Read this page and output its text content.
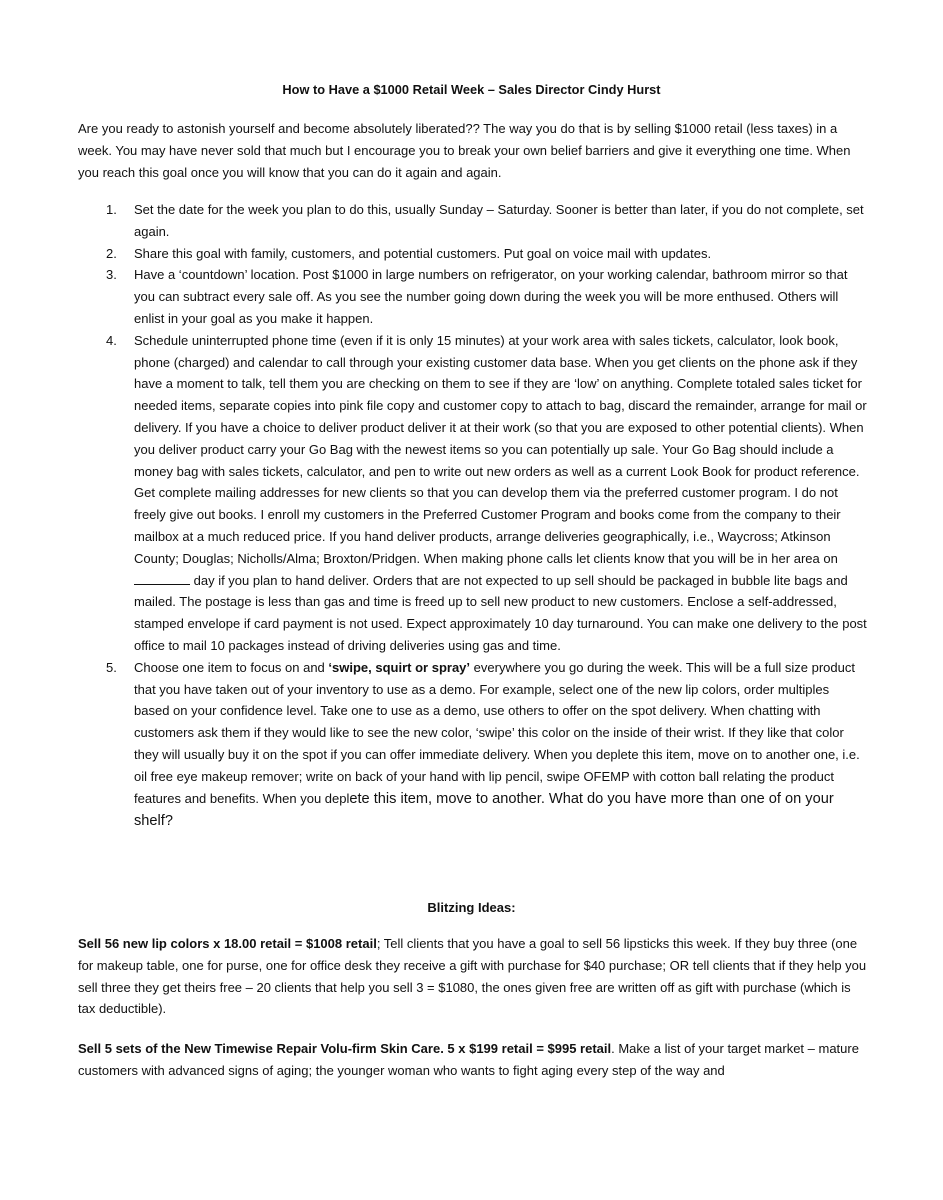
How to Have a $1000 Retail Week – Sales Director Cindy Hurst

Are you ready to astonish yourself and become absolutely liberated?? The way you do that is by selling $1000 retail (less taxes) in a week. You may have never sold that much but I encourage you to break your own belief barriers and give it everything one time. When you reach this goal once you will know that you can do it again and again.

1. Set the date for the week you plan to do this, usually Sunday – Saturday. Sooner is better than later, if you do not complete, set again.
2. Share this goal with family, customers, and potential customers. Put goal on voice mail with updates.
3. Have a ‘countdown’ location. Post $1000 in large numbers on refrigerator, on your working calendar, bathroom mirror so that you can subtract every sale off. As you see the number going down during the week you will be more enthused. Others will enlist in your goal as you make it happen.
4. Schedule uninterrupted phone time (even if it is only 15 minutes) at your work area with sales tickets, calculator, look book, phone (charged) and calendar to call through your existing customer data base. When you get clients on the phone ask if they have a moment to talk, tell them you are checking on them to see if they are ‘low’ on anything. Complete totaled sales ticket for needed items, separate copies into pink file copy and customer copy to attach to bag, discard the remainder, arrange for mail or delivery. If you have a choice to deliver product deliver it at their work (so that you are exposed to other potential clients). When you deliver product carry your Go Bag with the newest items so you can potentially up sale. Your Go Bag should include a money bag with sales tickets, calculator, and pen to write out new orders as well as a current Look Book for product reference. Get complete mailing addresses for new clients so that you can develop them via the preferred customer program. I do not freely give out books. I enroll my customers in the Preferred Customer Program and books come from the company to their mailbox at a much reduced price. If you hand deliver products, arrange deliveries geographically, i.e., Waycross; Atkinson County; Douglas; Nicholls/Alma; Broxton/Pridgen. When making phone calls let clients know that you will be in her area on  day if you plan to hand deliver. Orders that are not expected to up sell should be packaged in bubble lite bags and mailed. The postage is less than gas and time is freed up to sell new product to new customers. Enclose a self-addressed, stamped envelope if card payment is not used. Expect approximately 10 day turnaround. You can make one delivery to the post office to mail 10 packages instead of driving deliveries using gas and time.
5. Choose one item to focus on and ‘swipe, squirt or spray’ everywhere you go during the week. This will be a full size product that you have taken out of your inventory to use as a demo. For example, select one of the new lip colors, order multiples based on your confidence level. Take one to use as a demo, use others to offer on the spot delivery. When chatting with customers ask them if they would like to see the new color, ‘swipe’ this color on the inside of their wrist. If they like that color they will usually buy it on the spot if you can offer immediate delivery. When you deplete this item, move on to another one, i.e. oil free eye makeup remover; write on back of your hand with lip pencil, swipe OFEMP with cotton ball relating the product features and benefits. When you deplete this item, move to another. What do you have more than one of on your shelf?
Blitzing Ideas:

Sell 56 new lip colors x 18.00 retail = $1008 retail; Tell clients that you have a goal to sell 56 lipsticks this week. If they buy three (one for makeup table, one for purse, one for office desk they receive a gift with purchase for $40 purchase; OR tell clients that if they help you sell three they get theirs free – 20 clients that help you sell 3 = $1080, the ones given free are written off as gift with purchase (which is tax deductible).

Sell 5 sets of the New Timewise Repair Volu-firm Skin Care. 5 x $199 retail = $995 retail. Make a list of your target market – mature customers with advanced signs of aging; the younger woman who wants to fight aging every step of the way and
